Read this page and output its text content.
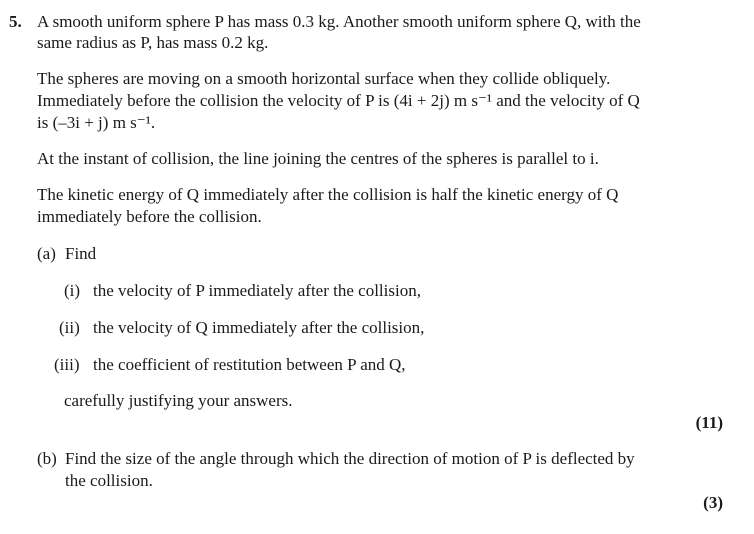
5. A smooth uniform sphere P has mass 0.3 kg. Another smooth uniform sphere Q, with the
same radius as P, has mass 0.2 kg.
The spheres are moving on a smooth horizontal surface when they collide obliquely.
Immediately before the collision the velocity of P is (4i + 2j) m s⁻¹ and the velocity of Q
is (–3i + j) m s⁻¹.
At the instant of collision, the line joining the centres of the spheres is parallel to i.
The kinetic energy of Q immediately after the collision is half the kinetic energy of Q
immediately before the collision.
(a) Find
(i) the velocity of P immediately after the collision,
(ii) the velocity of Q immediately after the collision,
(iii) the coefficient of restitution between P and Q,
carefully justifying your answers.
(11)
(b) Find the size of the angle through which the direction of motion of P is deflected by
the collision.
(3)
